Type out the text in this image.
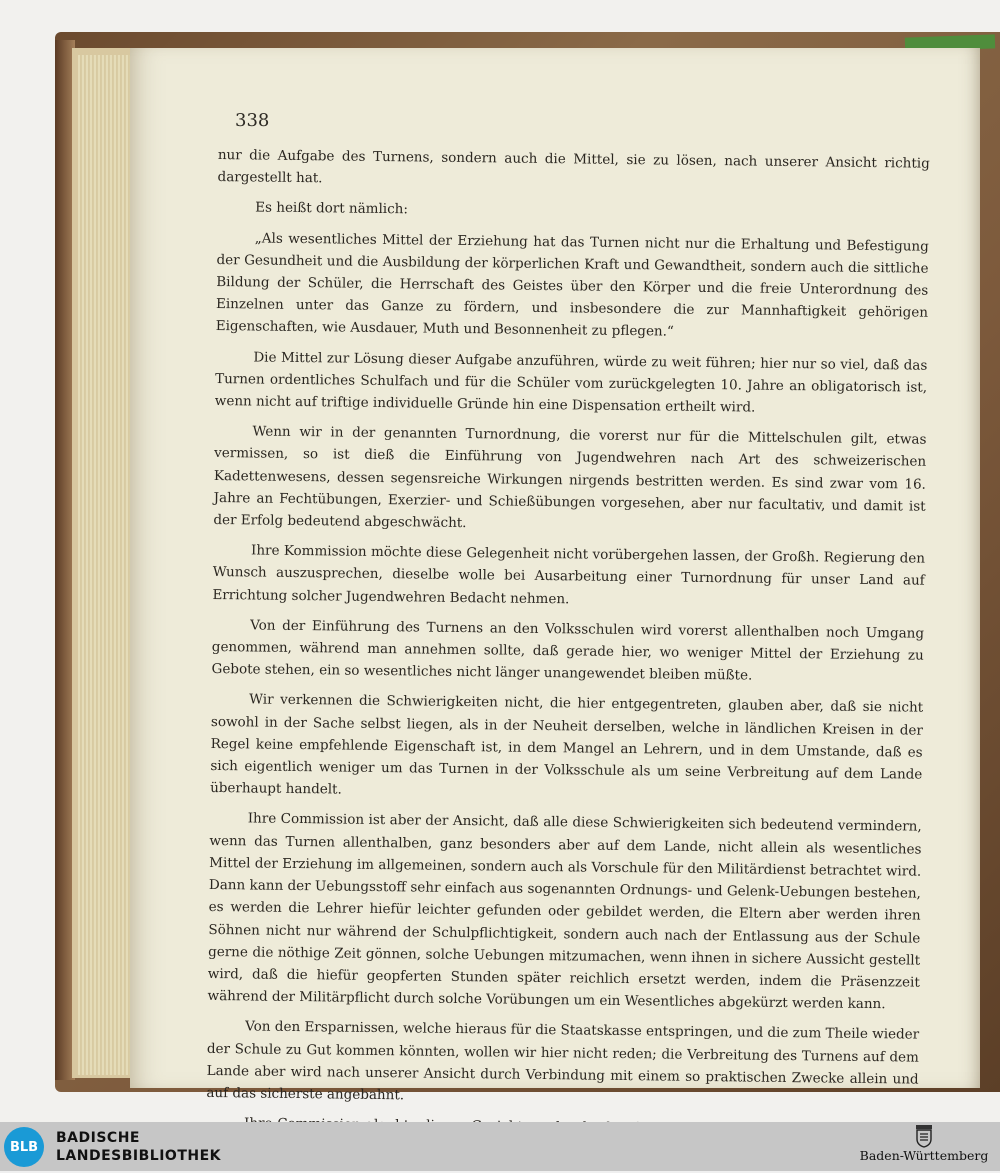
338

nur die Aufgabe des Turnens, sondern auch die Mittel, sie zu lösen, nach unserer Ansicht richtig dargestellt hat.

Es heißt dort nämlich:

„Als wesentliches Mittel der Erziehung hat das Turnen nicht nur die Erhaltung und Befestigung der Gesundheit und die Ausbildung der körperlichen Kraft und Gewandtheit, sondern auch die sittliche Bildung der Schüler, die Herrschaft des Geistes über den Körper und die freie Unterordnung des Einzelnen unter das Ganze zu fördern, und insbesondere die zur Mannhaftigkeit gehörigen Eigenschaften, wie Ausdauer, Muth und Besonnenheit zu pflegen.“

Die Mittel zur Lösung dieser Aufgabe anzuführen, würde zu weit führen; hier nur so viel, daß das Turnen ordentliches Schulfach und für die Schüler vom zurückgelegten 10. Jahre an obligatorisch ist, wenn nicht auf triftige individuelle Gründe hin eine Dispensation ertheilt wird.

Wenn wir in der genannten Turnordnung, die vorerst nur für die Mittelschulen gilt, etwas vermissen, so ist dieß die Einführung von Jugendwehren nach Art des schweizerischen Kadettenwesens, dessen segensreiche Wirkungen nirgends bestritten werden. Es sind zwar vom 16. Jahre an Fechtübungen, Exerzier- und Schießübungen vorgesehen, aber nur facultativ, und damit ist der Erfolg bedeutend abgeschwächt.

Ihre Kommission möchte diese Gelegenheit nicht vorübergehen lassen, der Großh. Regierung den Wunsch auszusprechen, dieselbe wolle bei Ausarbeitung einer Turnordnung für unser Land auf Errichtung solcher Jugendwehren Bedacht nehmen.

Von der Einführung des Turnens an den Volksschulen wird vorerst allenthalben noch Umgang genommen, während man annehmen sollte, daß gerade hier, wo weniger Mittel der Erziehung zu Gebote stehen, ein so wesentliches nicht länger unangewendet bleiben müßte.

Wir verkennen die Schwierigkeiten nicht, die hier entgegentreten, glauben aber, daß sie nicht sowohl in der Sache selbst liegen, als in der Neuheit derselben, welche in ländlichen Kreisen in der Regel keine empfehlende Eigenschaft ist, in dem Mangel an Lehrern, und in dem Umstande, daß es sich eigentlich weniger um das Turnen in der Volksschule als um seine Verbreitung auf dem Lande überhaupt handelt.

Ihre Commission ist aber der Ansicht, daß alle diese Schwierigkeiten sich bedeutend vermindern, wenn das Turnen allenthalben, ganz besonders aber auf dem Lande, nicht allein als wesentliches Mittel der Erziehung im allgemeinen, sondern auch als Vorschule für den Militärdienst betrachtet wird. Dann kann der Uebungsstoff sehr einfach aus sogenannten Ordnungs- und Gelenk-Uebungen bestehen, es werden die Lehrer hiefür leichter gefunden oder gebildet werden, die Eltern aber werden ihren Söhnen nicht nur während der Schulpflichtigkeit, sondern auch nach der Entlassung aus der Schule gerne die nöthige Zeit gönnen, solche Uebungen mitzumachen, wenn ihnen in sichere Aussicht gestellt wird, daß die hiefür geopferten Stunden später reichlich ersetzt werden, indem die Präsenzzeit während der Militärpflicht durch solche Vorübungen um ein Wesentliches abgekürzt werden kann.

Von den Ersparnissen, welche hieraus für die Staatskasse entspringen, und die zum Theile wieder der Schule zu Gut kommen könnten, wollen wir hier nicht reden; die Verbreitung des Turnens auf dem Lande aber wird nach unserer Ansicht durch Verbindung mit einem so praktischen Zwecke allein und auf das sicherste angebahnt.

BLB
BADISCHE
LANDESBIBLIOTHEK	Baden-Württemberg
